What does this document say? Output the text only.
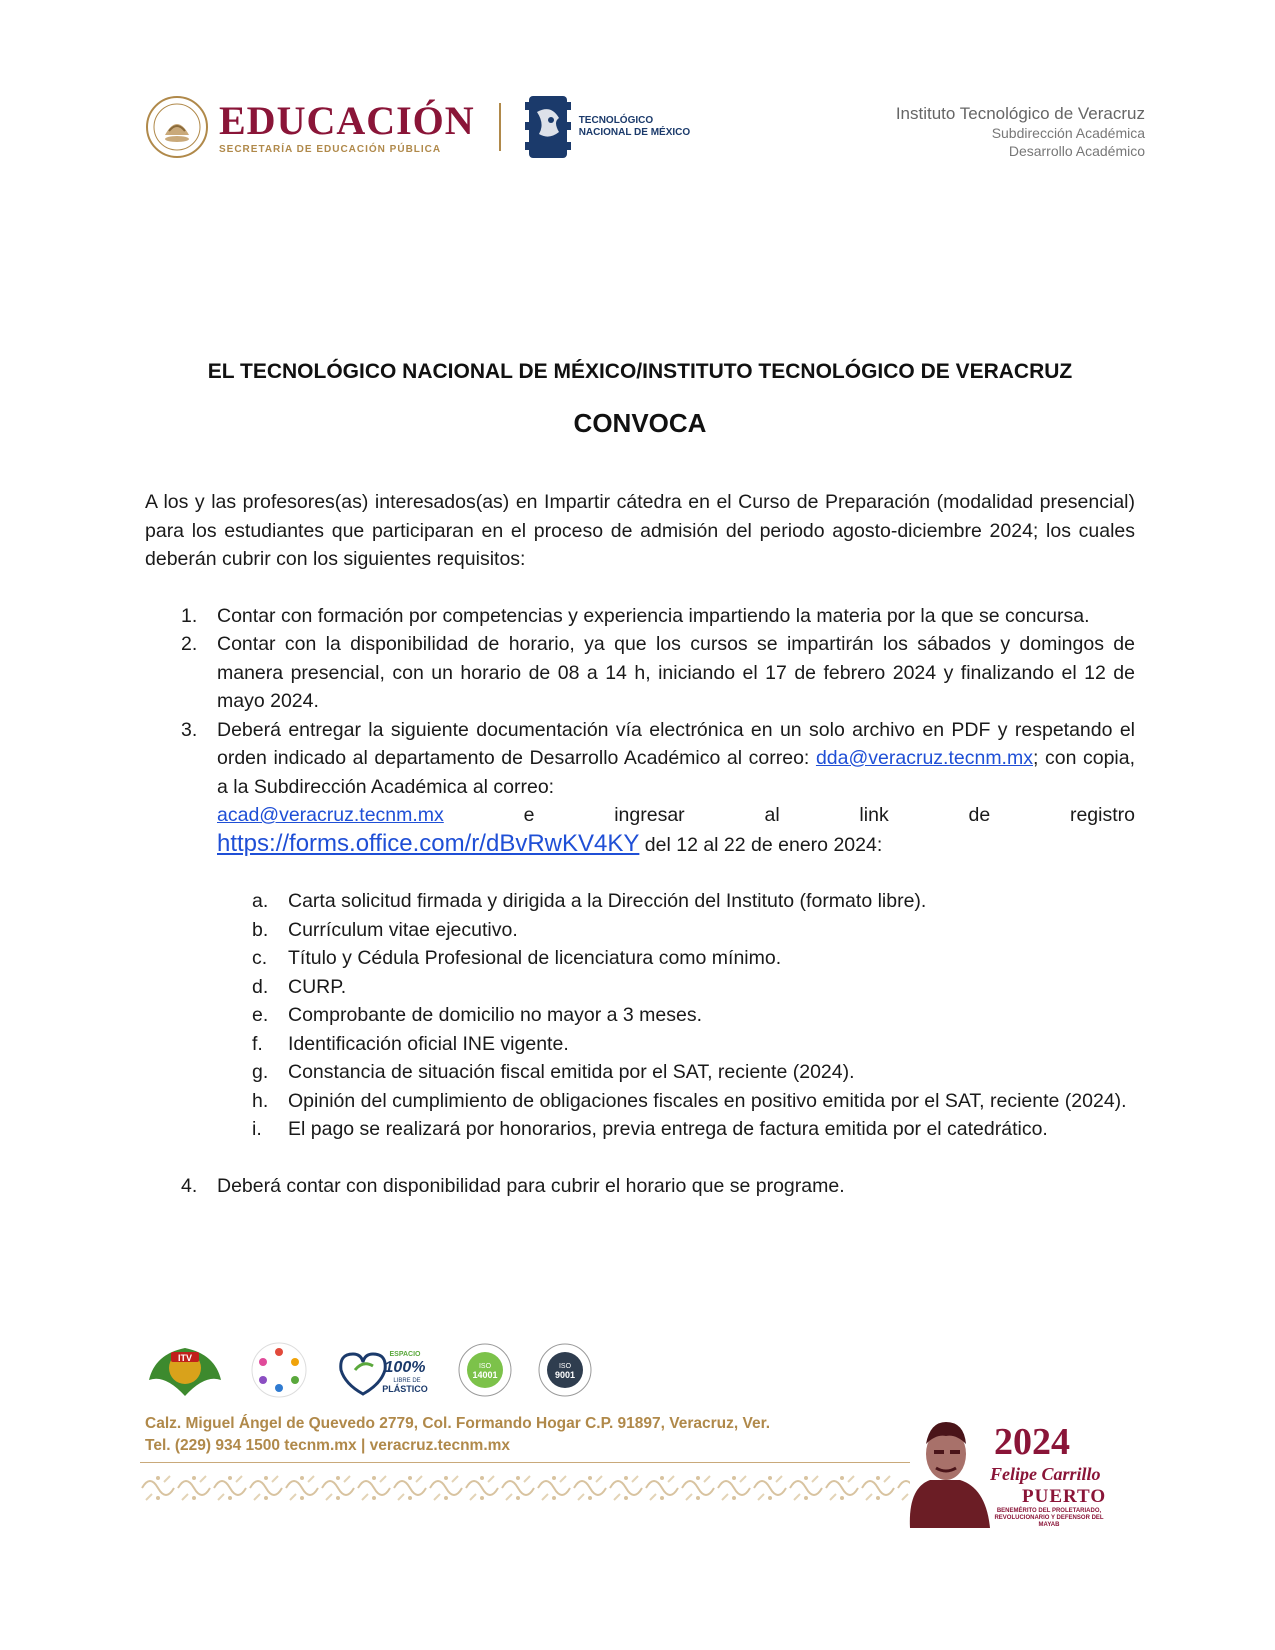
EDUCACIÓN
SECRETARÍA DE EDUCACIÓN PÚBLICA
TECNOLÓGICO
NACIONAL DE MÉXICO
Instituto Tecnológico de Veracruz
Subdirección Académica
Desarrollo Académico
EL TECNOLÓGICO NACIONAL DE MÉXICO/INSTITUTO TECNOLÓGICO DE VERACRUZ
CONVOCA

A los y las profesores(as) interesados(as) en Impartir cátedra en el Curso de Preparación (modalidad presencial) para los estudiantes que participaran en el proceso de admisión del periodo agosto-diciembre 2024; los cuales deberán cubrir con los siguientes requisitos:

1.	Contar con formación por competencias y experiencia impartiendo la materia por la que se concursa.
2.	Contar con la disponibilidad de horario, ya que los cursos se impartirán los sábados y domingos de manera presencial, con un horario de 08 a 14 h, iniciando el 17 de febrero 2024 y finalizando el 12 de mayo 2024.
3.	Deberá entregar la siguiente documentación vía electrónica en un solo archivo en PDF y respetando el orden indicado al departamento de Desarrollo Académico al correo: dda@veracruz.tecnm.mx; con copia, a la Subdirección Académica al correo:
acad@veracruz.tecnm.mx	e ingresar al link de registro
https://forms.office.com/r/dBvRwKV4KY del 12 al 22 de enero 2024:
a.	Carta solicitud firmada y dirigida a la Dirección del Instituto (formato libre).
b.	Currículum vitae ejecutivo.
c.	Título y Cédula Profesional de licenciatura como mínimo.
d.	CURP.
e.	Comprobante de domicilio no mayor a 3 meses.
f.	Identificación oficial INE vigente.
g.	Constancia de situación fiscal emitida por el SAT, reciente (2024).
h.	Opinión del cumplimiento de obligaciones fiscales en positivo emitida por el SAT, reciente (2024).
i.	El pago se realizará por honorarios, previa entrega de factura emitida por el catedrático.
4.	Deberá contar con disponibilidad para cubrir el horario que se programe.
ITV	ESPACIO
100%
LIBRE DE
PLÁSTICO
ISO
14001
ISO
9001
Calz. Miguel Ángel de Quevedo 2779, Col. Formando Hogar C.P. 91897, Veracruz, Ver.
Tel. (229) 934 1500 tecnm.mx | veracruz.tecnm.mx	2024
Felipe Carrillo
PUERTO
BENEMÉRITO DEL PROLETARIADO, REVOLUCIONARIO Y DEFENSOR DEL MAYAB
